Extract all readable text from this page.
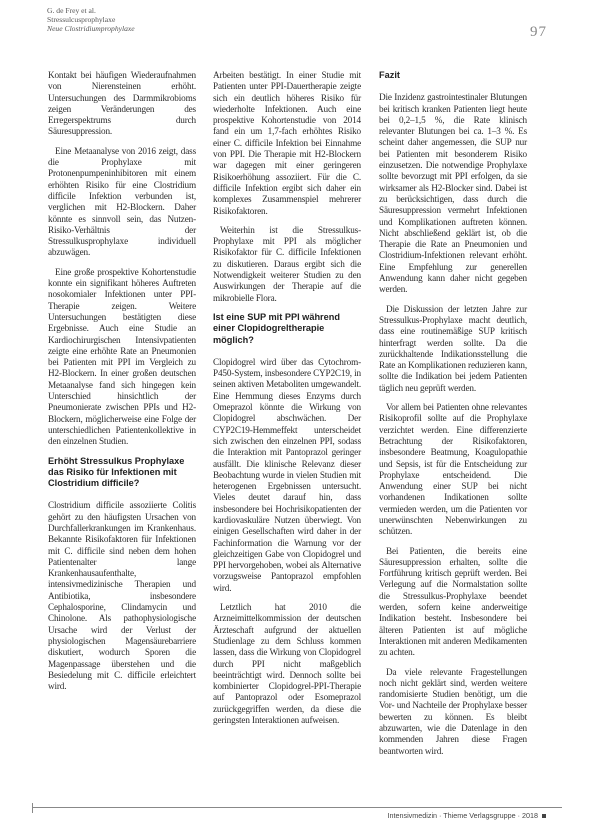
G. de Frey et al.
Stressulcusprophylaxe
Neue Clostridiumprophylaxe	97

Kontakt bei häufigen Wiederaufnahmen von Nierensteinen erhöht. Untersuchungen des Darmmikrobioms zeigen Veränderungen des Erregerspektrums durch Säuresuppression.

Eine Metaanalyse von 2016 zeigt, dass die Prophylaxe mit Protonenpumpeninhibitoren mit einem erhöhten Risiko für eine Clostridium difficile Infektion verbunden ist, verglichen mit H2-Blockern. Daher könnte es sinnvoll sein, das Nutzen-Risiko-Verhältnis der Stressulkusprophylaxe individuell abzuwägen.

Eine große prospektive Kohortenstudie konnte ein signifikant höheres Auftreten nosokomialer Infektionen unter PPI-Therapie zeigen. Weitere Untersuchungen bestätigten diese Ergebnisse. Auch eine Studie an Kardiochirurgischen Intensivpatienten zeigte eine erhöhte Rate an Pneumonien bei Patienten mit PPI im Vergleich zu H2-Blockern. In einer großen deutschen Metaanalyse fand sich hingegen kein Unterschied hinsichtlich der Pneumonierate zwischen PPIs und H2-Blockern, möglicherweise eine Folge der unterschiedlichen Patientenkollektive in den einzelnen Studien.

Erhöht Stressulkus Prophylaxe das Risiko für Infektionen mit Clostridium difficile?

Clostridium difficile assoziierte Colitis gehört zu den häufigsten Ursachen von Durchfallerkrankungen im Krankenhaus. Bekannte Risikofaktoren für Infektionen mit C. difficile sind neben dem hohen Patientenalter lange Krankenhausaufenthalte, intensivmedizinische Therapien und Antibiotika, insbesondere Cephalosporine, Clindamycin und Chinolone. Als pathophysiologische Ursache wird der Verlust der physiologischen Magensäurebarriere diskutiert, wodurch Sporen die Magenpassage überstehen und die Besiedelung mit C. difficile erleichtert wird.

Arbeiten bestätigt. In einer Studie mit Patienten unter PPI-Dauertherapie zeigte sich ein deutlich höheres Risiko für wiederholte Infektionen. Auch eine prospektive Kohortenstudie von 2014 fand ein um 1,7-fach erhöhtes Risiko einer C. difficile Infektion bei Einnahme von PPI. Die Therapie mit H2-Blockern war dagegen mit einer geringeren Risikoerhöhung assoziiert. Für die C. difficile Infektion ergibt sich daher ein komplexes Zusammenspiel mehrerer Risikofaktoren.

Weiterhin ist die Stressulkus-Prophylaxe mit PPI als möglicher Risikofaktor für C. difficile Infektionen zu diskutieren. Daraus ergibt sich die Notwendigkeit weiterer Studien zu den Auswirkungen der Therapie auf die mikrobielle Flora.

Ist eine SUP mit PPI während einer Clopidogreltherapie möglich?

Clopidogrel wird über das Cytochrom-P450-System, insbesondere CYP2C19, in seinen aktiven Metaboliten umgewandelt. Eine Hemmung dieses Enzyms durch Omeprazol könnte die Wirkung von Clopidogrel abschwächen. Der CYP2C19-Hemmeffekt unterscheidet sich zwischen den einzelnen PPI, sodass die Interaktion mit Pantoprazol geringer ausfällt. Die klinische Relevanz dieser Beobachtung wurde in vielen Studien mit heterogenen Ergebnissen untersucht. Vieles deutet darauf hin, dass insbesondere bei Hochrisikopatienten der kardiovaskuläre Nutzen überwiegt. Von einigen Gesellschaften wird daher in der Fachinformation die Warnung vor der gleichzeitigen Gabe von Clopidogrel und PPI hervorgehoben, wobei als Alternative vorzugsweise Pantoprazol empfohlen wird.

Letztlich hat 2010 die Arzneimittelkommission der deutschen Ärzteschaft aufgrund der aktuellen Studienlage zu dem Schluss kommen lassen, dass die Wirkung von Clopidogrel durch PPI nicht maßgeblich beeinträchtigt wird. Dennoch sollte bei kombinierter Clopidogrel-PPI-Therapie auf Pantoprazol oder Esomeprazol zurückgegriffen werden, da diese die geringsten Interaktionen aufweisen.

Fazit

Die Inzidenz gastrointestinaler Blutungen bei kritisch kranken Patienten liegt heute bei 0,2–1,5 %, die Rate klinisch relevanter Blutungen bei ca. 1–3 %. Es scheint daher angemessen, die SUP nur bei Patienten mit besonderem Risiko einzusetzen. Die notwendige Prophylaxe sollte bevorzugt mit PPI erfolgen, da sie wirksamer als H2-Blocker sind. Dabei ist zu berücksichtigen, dass durch die Säuresuppression vermehrt Infektionen und Komplikationen auftreten können. Nicht abschließend geklärt ist, ob die Therapie die Rate an Pneumonien und Clostridium-Infektionen relevant erhöht. Eine Empfehlung zur generellen Anwendung kann daher nicht gegeben werden.

Die Diskussion der letzten Jahre zur Stressulkus-Prophylaxe macht deutlich, dass eine routinemäßige SUP kritisch hinterfragt werden sollte. Da die zurückhaltende Indikationsstellung die Rate an Komplikationen reduzieren kann, sollte die Indikation bei jedem Patienten täglich neu geprüft werden.

Vor allem bei Patienten ohne relevantes Risikoprofil sollte auf die Prophylaxe verzichtet werden. Eine differenzierte Betrachtung der Risikofaktoren, insbesondere Beatmung, Koagulopathie und Sepsis, ist für die Entscheidung zur Prophylaxe entscheidend. Die Anwendung einer SUP bei nicht vorhandenen Indikationen sollte vermieden werden, um die Patienten vor unerwünschten Nebenwirkungen zu schützen.

Bei Patienten, die bereits eine Säuresuppression erhalten, sollte die Fortführung kritisch geprüft werden. Bei Verlegung auf die Normalstation sollte die Stressulkus-Prophylaxe beendet werden, sofern keine anderweitige Indikation besteht. Insbesondere bei älteren Patienten ist auf mögliche Interaktionen mit anderen Medikamenten zu achten.

Da viele relevante Fragestellungen noch nicht geklärt sind, werden weitere randomisierte Studien benötigt, um die Vor- und Nachteile der Prophylaxe besser bewerten zu können. Es bleibt abzuwarten, wie die Datenlage in den kommenden Jahren diese Fragen beantworten wird.

Intensivmedizin · Thieme Verlagsgruppe · 2018
